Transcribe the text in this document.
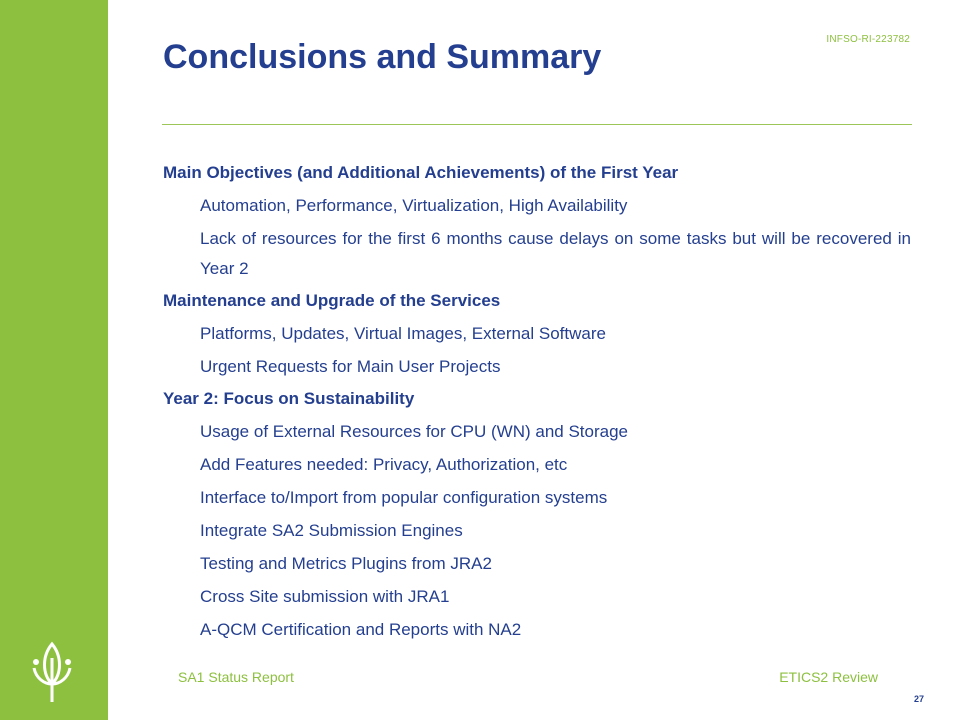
INFSO-RI-223782
Conclusions and Summary
Main Objectives (and Additional Achievements) of the First Year
Automation, Performance, Virtualization, High Availability
Lack of resources for the first 6 months cause delays on some tasks but will be recovered in Year 2
Maintenance and Upgrade of the Services
Platforms, Updates, Virtual Images, External Software
Urgent Requests for Main User Projects
Year 2: Focus on Sustainability
Usage of External Resources for CPU (WN) and Storage
Add Features needed: Privacy, Authorization, etc
Interface to/Import from popular configuration systems
Integrate SA2 Submission Engines
Testing and Metrics Plugins from JRA2
Cross Site submission with JRA1
A-QCM Certification and Reports with NA2
SA1 Status Report	ETICS2 Review
27
